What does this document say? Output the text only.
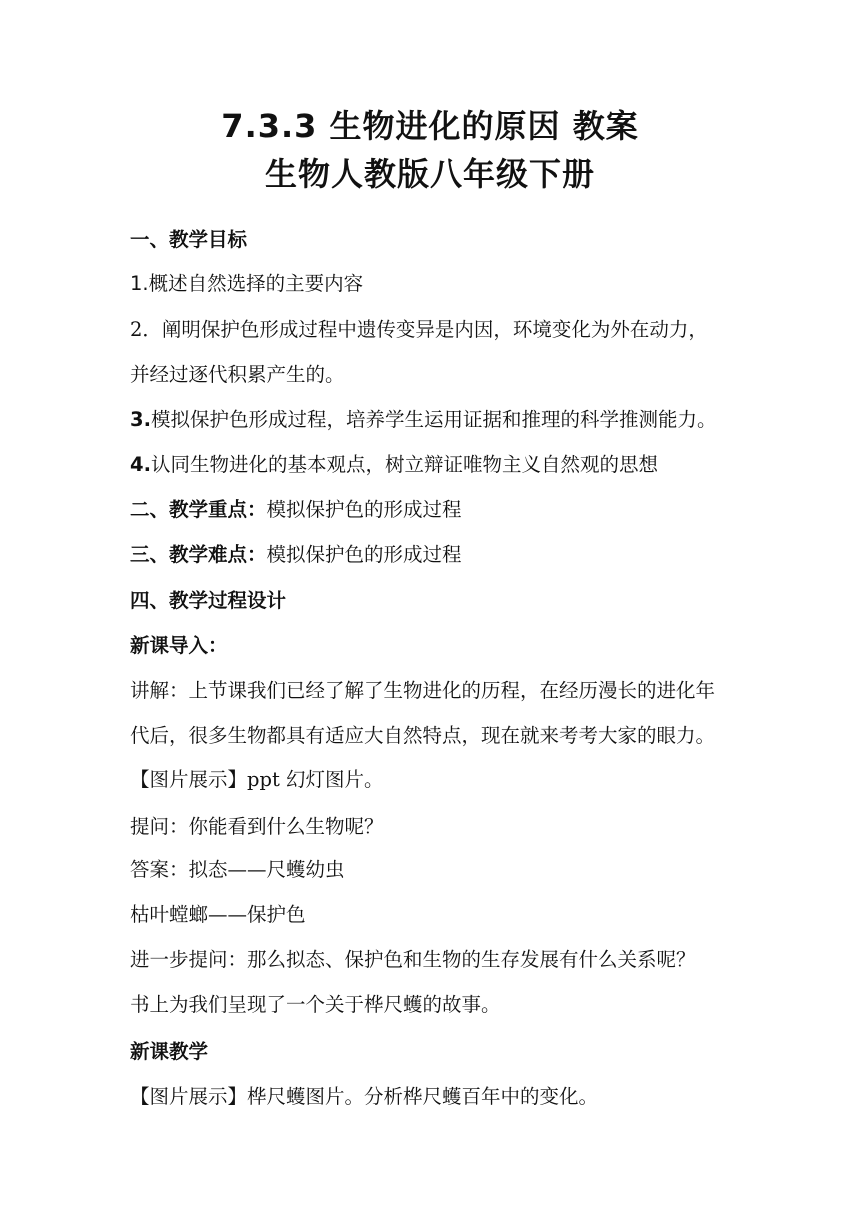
7.3.3 生物进化的原因 教案
生物人教版八年级下册
一、教学目标
1.概述自然选择的主要内容
2．阐明保护色形成过程中遗传变异是内因，环境变化为外在动力，
并经过逐代积累产生的。
3.模拟保护色形成过程，培养学生运用证据和推理的科学推测能力。
4.认同生物进化的基本观点，树立辩证唯物主义自然观的思想
二、教学重点：模拟保护色的形成过程
三、教学难点：模拟保护色的形成过程
四、教学过程设计
新课导入：
讲解：上节课我们已经了解了生物进化的历程，在经历漫长的进化年
代后，很多生物都具有适应大自然特点，现在就来考考大家的眼力。
【图片展示】ppt 幻灯图片。
提问：你能看到什么生物呢？
答案：拟态——尺蠖幼虫
枯叶螳螂——保护色
进一步提问：那么拟态、保护色和生物的生存发展有什么关系呢？
书上为我们呈现了一个关于桦尺蠖的故事。
新课教学
【图片展示】桦尺蠖图片。分析桦尺蠖百年中的变化。
